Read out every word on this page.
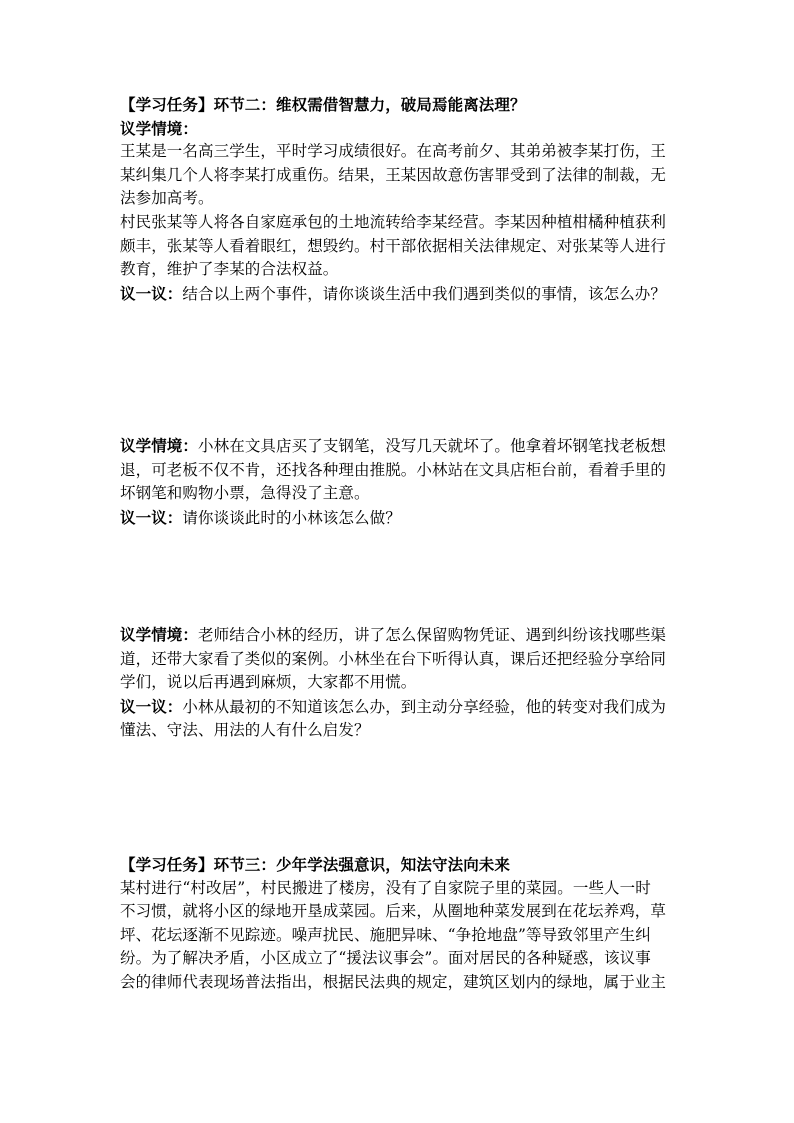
【学习任务】环节二：维权需借智慧力，破局焉能离法理？
议学情境：
王某是一名高三学生，平时学习成绩很好。在高考前夕、其弟弟被李某打伤，王
某纠集几个人将李某打成重伤。结果，王某因故意伤害罪受到了法律的制裁，无
法参加高考。
村民张某等人将各自家庭承包的土地流转给李某经营。李某因种植柑橘种植获利
颇丰，张某等人看着眼红，想毁约。村干部依据相关法律规定、对张某等人进行
教育，维护了李某的合法权益。
议一议：结合以上两个事件，请你谈谈生活中我们遇到类似的事情，该怎么办？
议学情境：小林在文具店买了支钢笔，没写几天就坏了。他拿着坏钢笔找老板想
退，可老板不仅不肯，还找各种理由推脱。小林站在文具店柜台前，看着手里的
坏钢笔和购物小票，急得没了主意。
议一议：请你谈谈此时的小林该怎么做？
议学情境：老师结合小林的经历，讲了怎么保留购物凭证、遇到纠纷该找哪些渠
道，还带大家看了类似的案例。小林坐在台下听得认真，课后还把经验分享给同
学们，说以后再遇到麻烦，大家都不用慌。
议一议：小林从最初的不知道该怎么办，到主动分享经验，他的转变对我们成为
懂法、守法、用法的人有什么启发？
【学习任务】环节三：少年学法强意识，知法守法向未来
某村进行“村改居”，村民搬进了楼房，没有了自家院子里的菜园。一些人一时
不习惯，就将小区的绿地开垦成菜园。后来，从圈地种菜发展到在花坛养鸡，草
坪、花坛逐渐不见踪迹。噪声扰民、施肥异味、“争抢地盘”等导致邻里产生纠
纷。为了解决矛盾，小区成立了“援法议事会”。面对居民的各种疑惑，该议事
会的律师代表现场普法指出，根据民法典的规定，建筑区划内的绿地，属于业主
